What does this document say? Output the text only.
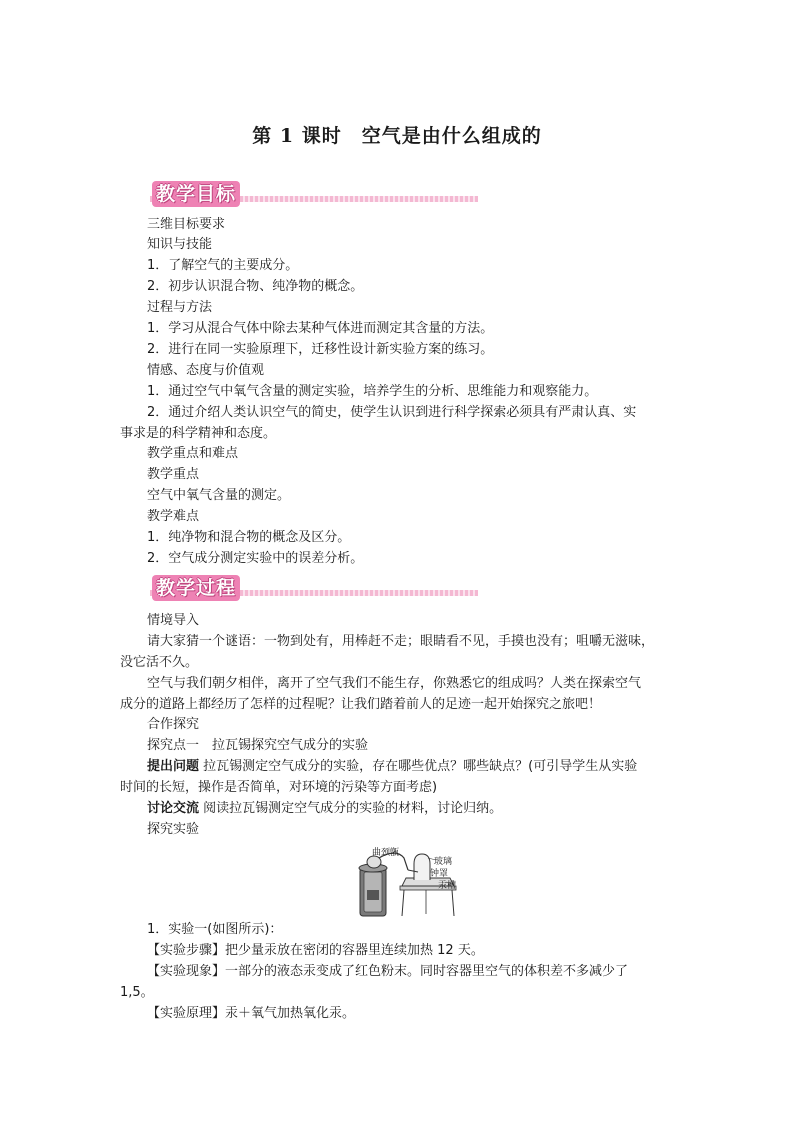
第 1 课时　空气是由什么组成的
教学目标
三维目标要求
知识与技能
1．了解空气的主要成分。
2．初步认识混合物、纯净物的概念。
过程与方法
1．学习从混合气体中除去某种气体进而测定其含量的方法。
2．进行在同一实验原理下，迁移性设计新实验方案的练习。
情感、态度与价值观
1．通过空气中氧气含量的测定实验，培养学生的分析、思维能力和观察能力。
2．通过介绍人类认识空气的简史，使学生认识到进行科学探索必须具有严肃认真、实
事求是的科学精神和态度。
教学重点和难点
教学重点
空气中氧气含量的测定。
教学难点
1．纯净物和混合物的概念及区分。
2．空气成分测定实验中的误差分析。
教学过程
情境导入
请大家猜一个谜语：一物到处有，用棒赶不走；眼睛看不见，手摸也没有；咀嚼无滋味，
没它活不久。
空气与我们朝夕相伴，离开了空气我们不能生存，你熟悉它的组成吗？人类在探索空气
成分的道路上都经历了怎样的过程呢？让我们踏着前人的足迹一起开始探究之旅吧！
合作探究
探究点一　拉瓦锡探究空气成分的实验
提出问题 拉瓦锡测定空气成分的实验，存在哪些优点？哪些缺点？(可引导学生从实验
时间的长短，操作是否简单，对环境的污染等方面考虑)
讨论交流 阅读拉瓦锡测定空气成分的实验的材料，讨论归纳。
探究实验
曲颈甑
玻璃
钟罩
汞槽
1．实验一(如图所示)：
【实验步骤】把少量汞放在密闭的容器里连续加热 12 天。
【实验现象】一部分的液态汞变成了红色粉末。同时容器里空气的体积差不多减少了
1,5。
【实验原理】汞＋氧气加热氧化汞。
